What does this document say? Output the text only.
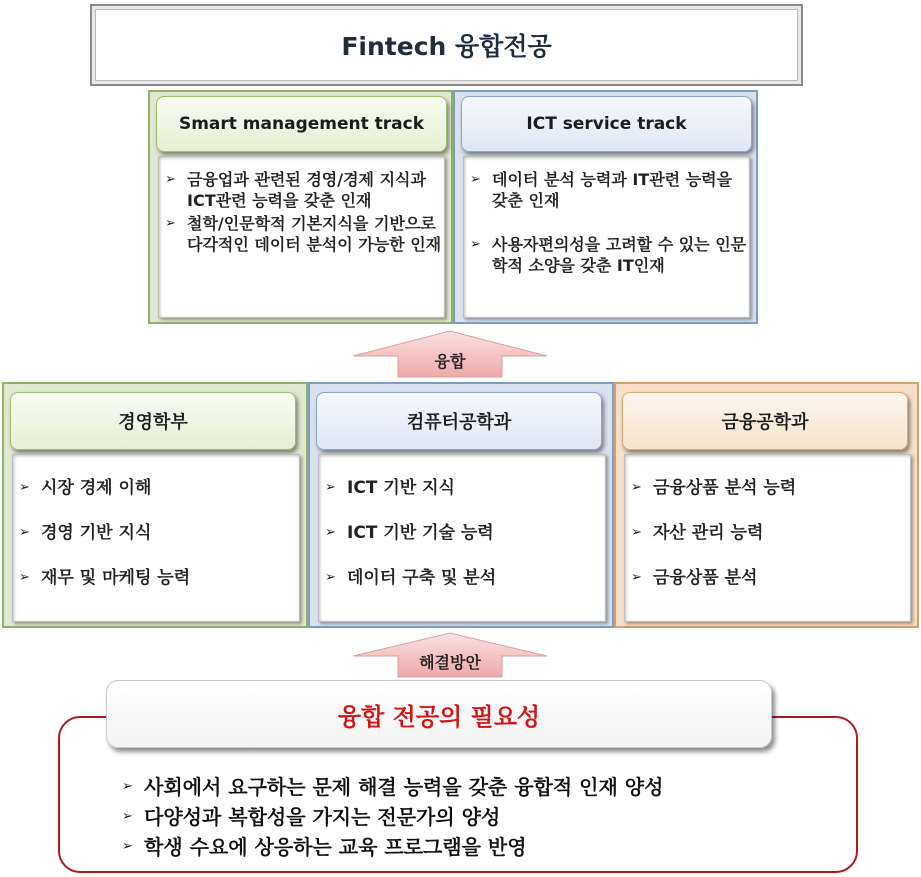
Fintech 융합전공
Smart management track
➢ 금융업과 관련된 경영/경제 지식과 ICT관련 능력을 갖춘 인재
➢ 철학/인문학적 기본지식을 기반으로 다각적인 데이터 분석이 가능한 인재
ICT service track
➢ 데이터 분석 능력과 IT관련 능력을 갖춘 인재
➢ 사용자편의성을 고려할 수 있는 인문학적 소양을 갖춘 IT인재
융합
경영학부
➢ 시장 경제 이해
➢ 경영 기반 지식
➢ 재무 및 마케팅 능력
컴퓨터공학과
➢ ICT 기반 지식
➢ ICT 기반 기술 능력
➢ 데이터 구축 및 분석
금융공학과
➢ 금융상품 분석 능력
➢ 자산 관리 능력
➢ 금융상품 분석
해결방안
➢ 사회에서 요구하는 문제 해결 능력을 갖춘 융합적 인재 양성
➢ 다양성과 복합성을 가지는 전문가의 양성
➢ 학생 수요에 상응하는 교육 프로그램을 반영
융합 전공의 필요성
